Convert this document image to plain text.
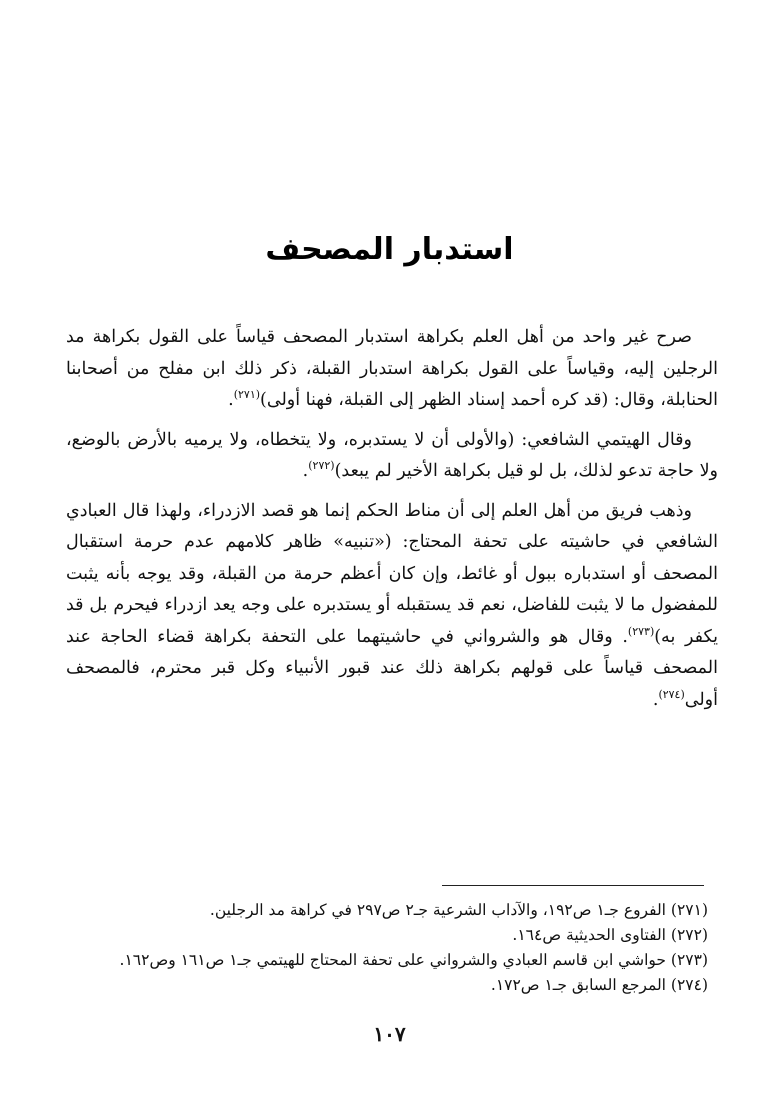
استدبار المصحف

صرح غير واحد من أهل العلم بكراهة استدبار المصحف قياساً على القول بكراهة مد الرجلين إليه، وقياساً على القول بكراهة استدبار القبلة، ذكر ذلك ابن مفلح من أصحابنا الحنابلة، وقال: (قد كره أحمد إسناد الظهر إلى القبلة، فهنا أولى)$^{(٢٧١)}$.

وقال الهيتمي الشافعي: (والأولى أن لا يستدبره، ولا يتخطاه، ولا يرميه بالأرض بالوضع، ولا حاجة تدعو لذلك، بل لو قيل بكراهة الأخير لم يبعد)$^{(٢٧٢)}$.

وذهب فريق من أهل العلم إلى أن مناط الحكم إنما هو قصد الازدراء، ولهذا قال العبادي الشافعي في حاشيته على تحفة المحتاج: («تنبيه» ظاهر كلامهم عدم حرمة استقبال المصحف أو استدباره ببول أو غائط، وإن كان أعظم حرمة من القبلة، وقد يوجه بأنه يثبت للمفضول ما لا يثبت للفاضل، نعم قد يستقبله أو يستدبره على وجه يعد ازدراء فيحرم بل قد يكفر به)$^{(٢٧٣)}$. وقال هو والشرواني في حاشيتهما على التحفة بكراهة قضاء الحاجة عند المصحف قياساً على قولهم بكراهة ذلك عند قبور الأنبياء وكل قبر محترم، فالمصحف أولى$^{(٢٧٤)}$.

(٢٧١) الفروع جـ١ ص١٩٢، والآداب الشرعية جـ٢ ص٢٩٧ في كراهة مد الرجلين.

(٢٧٢) الفتاوى الحديثية ص١٦٤.

(٢٧٣) حواشي ابن قاسم العبادي والشرواني على تحفة المحتاج للهيتمي جـ١ ص١٦١ وص١٦٢.

(٢٧٤) المرجع السابق جـ١ ص١٧٢.

١٠٧
